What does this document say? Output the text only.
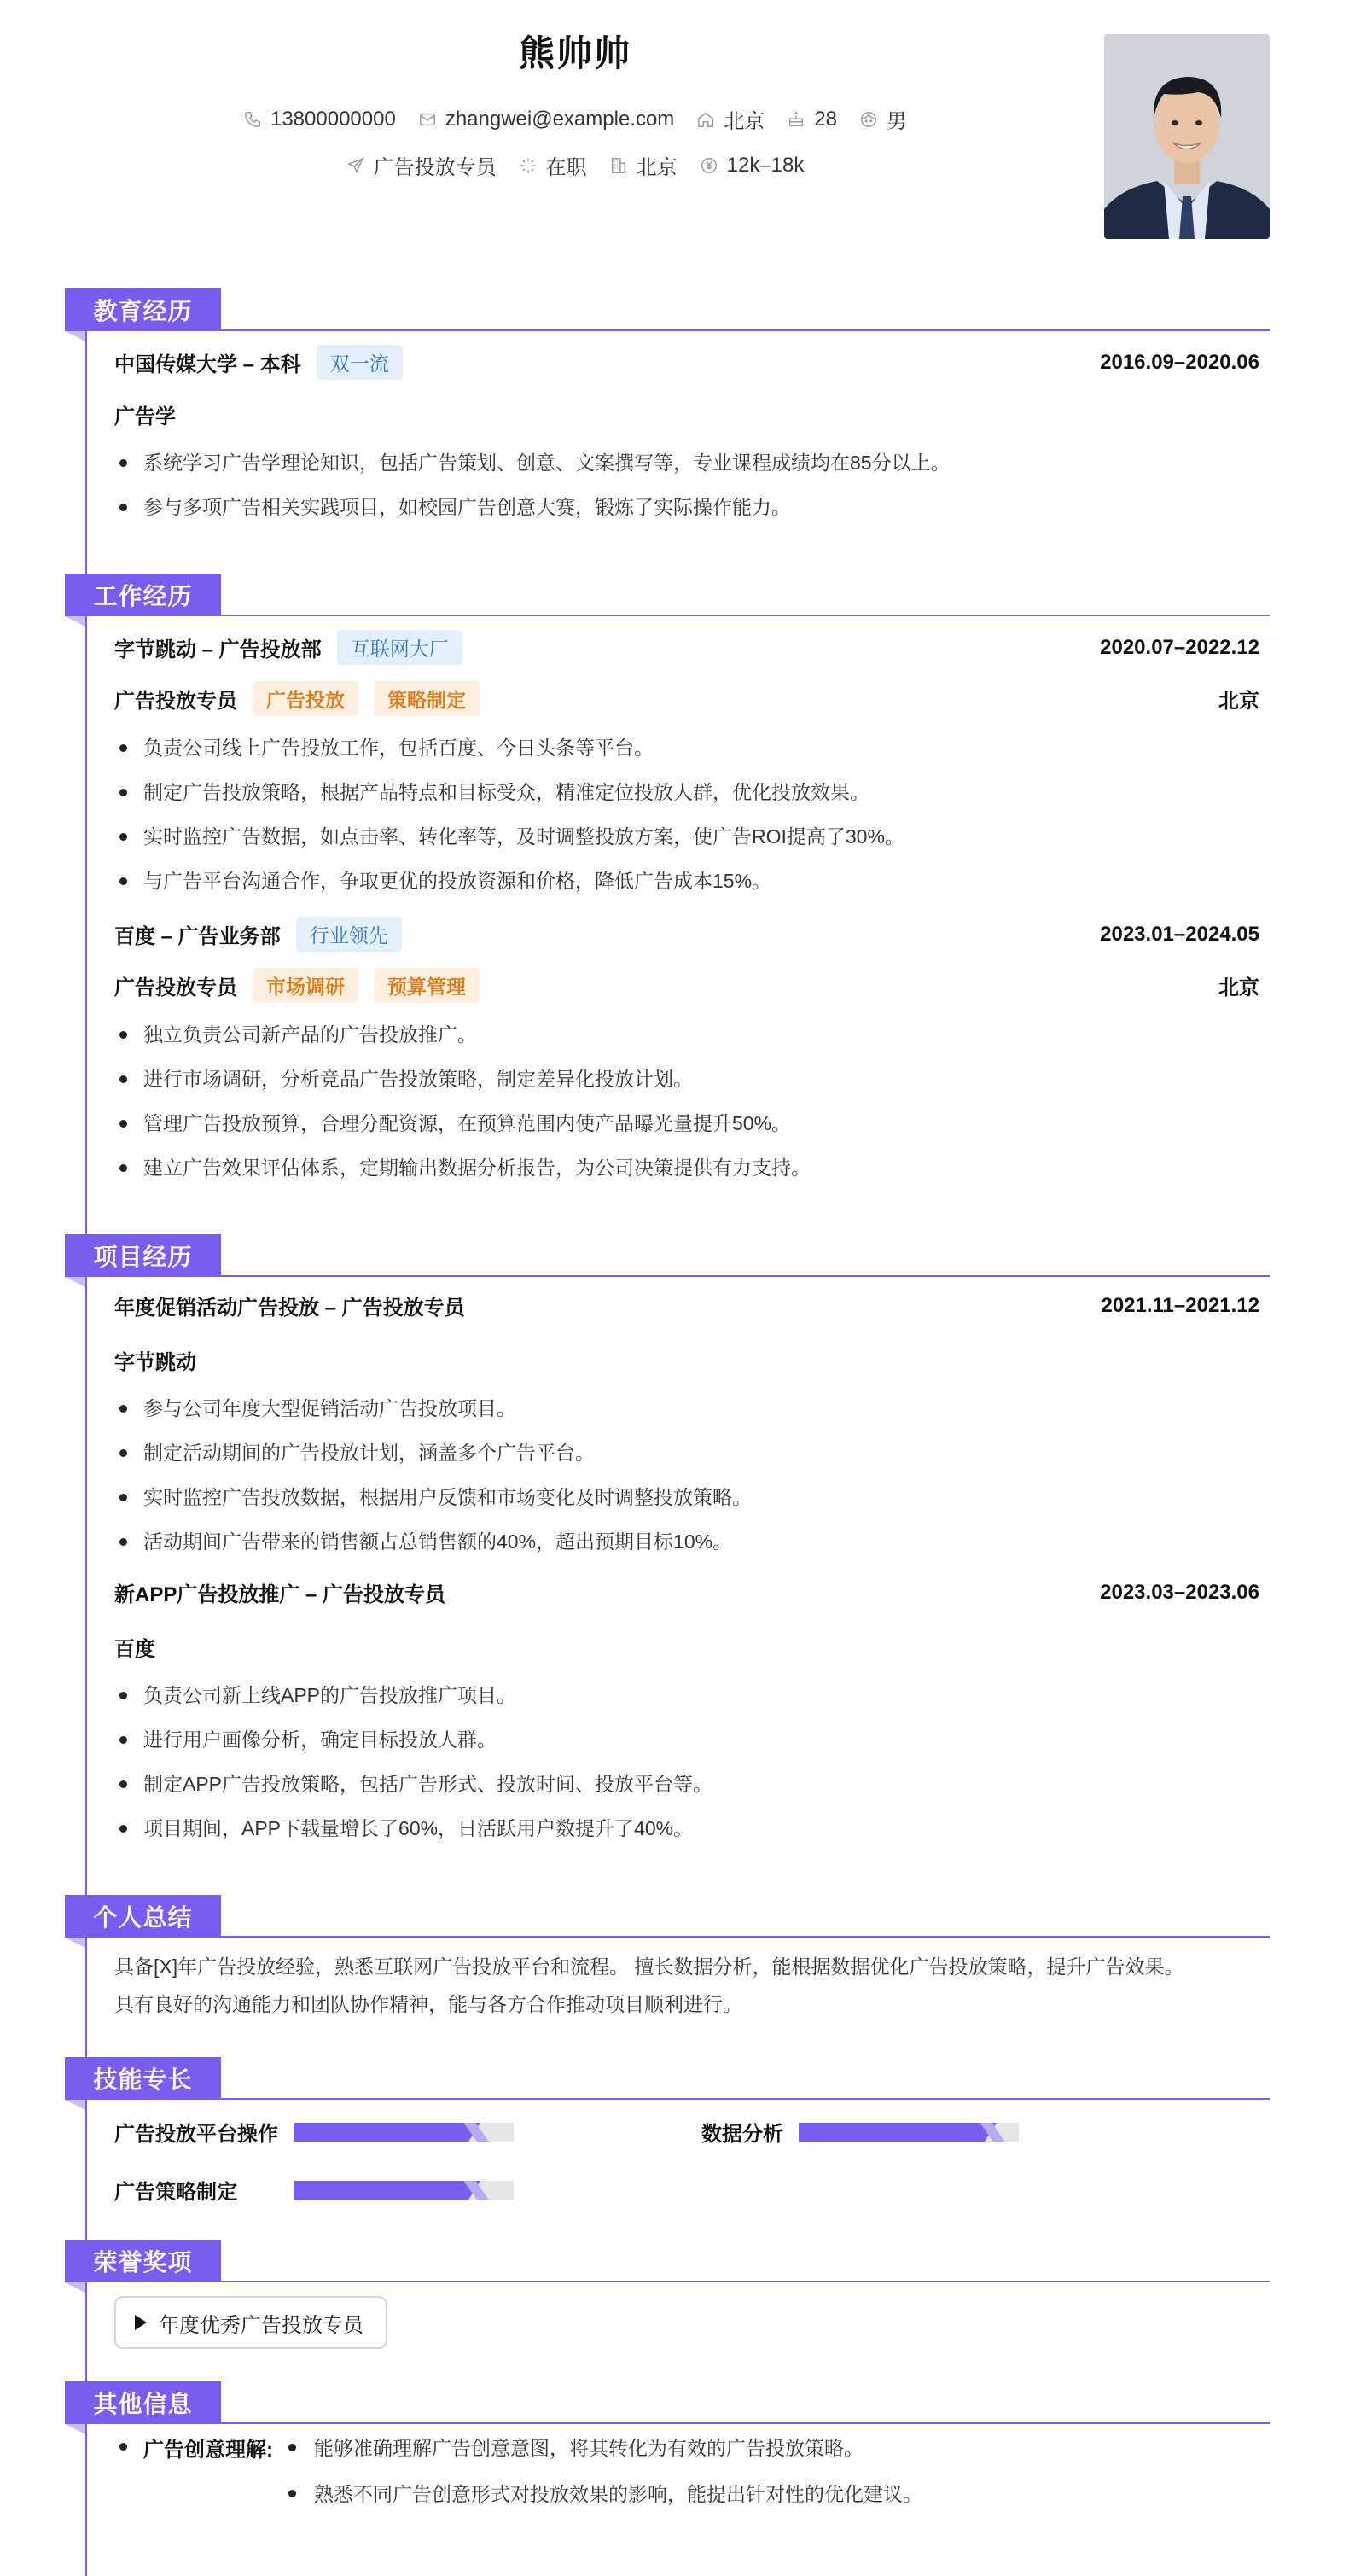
熊帅帅
13800000000 zhangwei@example.com 北京 28 男
广告投放专员 在职 北京 12k–18k
教育经历
中国传媒大学 – 本科	双一流	2016.09–2020.06
广告学
系统学习广告学理论知识，包括广告策划、创意、文案撰写等，专业课程成绩均在85分以上。
参与多项广告相关实践项目，如校园广告创意大赛，锻炼了实际操作能力。
工作经历
字节跳动 – 广告投放部	互联网大厂	2020.07–2022.12
广告投放专员	广告投放	策略制定	北京
负责公司线上广告投放工作，包括百度、今日头条等平台。
制定广告投放策略，根据产品特点和目标受众，精准定位投放人群，优化投放效果。
实时监控广告数据，如点击率、转化率等，及时调整投放方案，使广告ROI提高了30%。
与广告平台沟通合作，争取更优的投放资源和价格，降低广告成本15%。
百度 – 广告业务部	行业领先	2023.01–2024.05
广告投放专员	市场调研	预算管理	北京
独立负责公司新产品的广告投放推广。
进行市场调研，分析竞品广告投放策略，制定差异化投放计划。
管理广告投放预算，合理分配资源，在预算范围内使产品曝光量提升50%。
建立广告效果评估体系，定期输出数据分析报告，为公司决策提供有力支持。
项目经历
年度促销活动广告投放 – 广告投放专员	2021.11–2021.12
字节跳动
参与公司年度大型促销活动广告投放项目。
制定活动期间的广告投放计划，涵盖多个广告平台。
实时监控广告投放数据，根据用户反馈和市场变化及时调整投放策略。
活动期间广告带来的销售额占总销售额的40%，超出预期目标10%。
新APP广告投放推广 – 广告投放专员	2023.03–2023.06
百度
负责公司新上线APP的广告投放推广项目。
进行用户画像分析，确定目标投放人群。
制定APP广告投放策略，包括广告形式、投放时间、投放平台等。
项目期间，APP下载量增长了60%，日活跃用户数提升了40%。
个人总结
具备[X]年广告投放经验，熟悉互联网广告投放平台和流程。 擅长数据分析，能根据数据优化广告投放策略，提升广告效果。
具有良好的沟通能力和团队协作精神，能与各方合作推动项目顺利进行。
技能专长
广告投放平台操作	数据分析
广告策略制定
荣誉奖项
年度优秀广告投放专员
其他信息
广告创意理解:	能够准确理解广告创意意图，将其转化为有效的广告投放策略。
熟悉不同广告创意形式对投放效果的影响，能提出针对性的优化建议。
